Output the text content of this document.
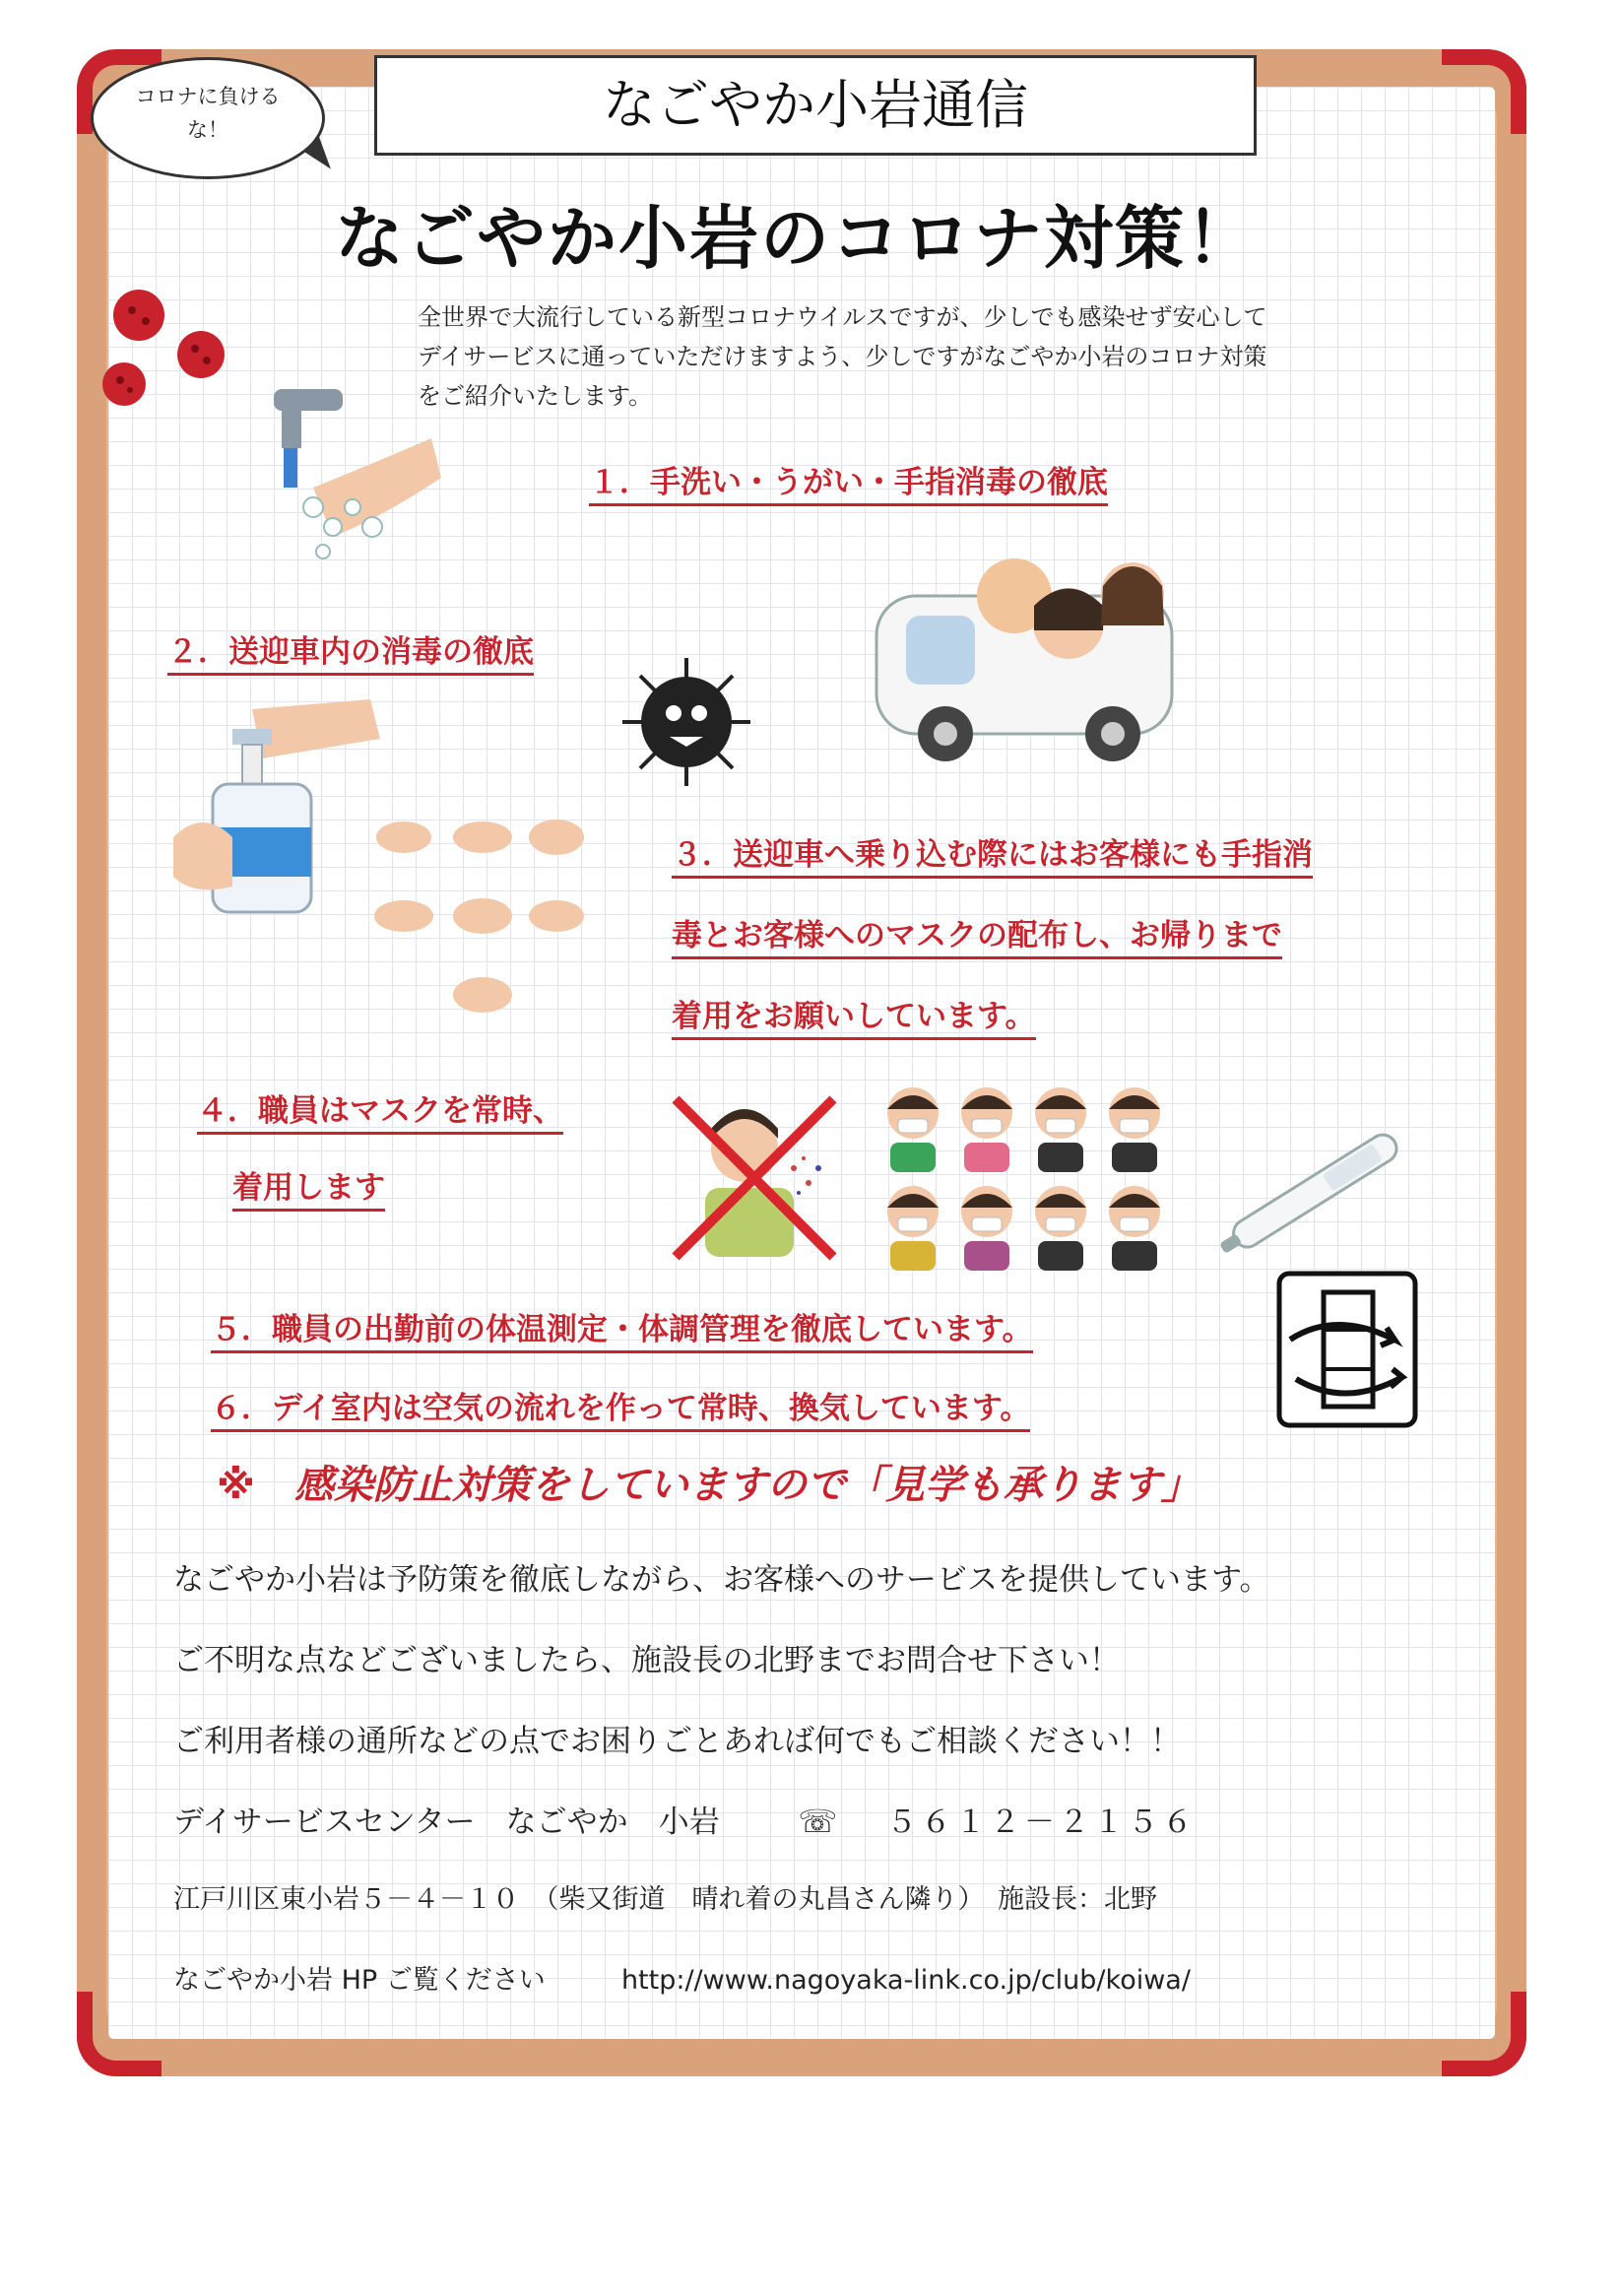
なごやか小岩通信
コロナに負けるな！
なごやか小岩のコロナ対策！
全世界で大流行している新型コロナウイルスですが、少しでも感染せず安心して
デイサービスに通っていただけますよう、少しですがなごやか小岩のコロナ対策
をご紹介いたします。
１．手洗い・うがい・手指消毒の徹底
２．送迎車内の消毒の徹底
３．送迎車へ乗り込む際にはお客様にも手指消
毒とお客様へのマスクの配布し、お帰りまで
着用をお願いしています。
４．職員はマスクを常時、
着用します
５．職員の出勤前の体温測定・体調管理を徹底しています。
６．デイ室内は空気の流れを作って常時、換気しています。
※　感染防止対策をしていますので「見学も承ります」
なごやか小岩は予防策を徹底しながら、お客様へのサービスを提供しています。
ご不明な点などございましたら、施設長の北野までお問合せ下さい！
ご利用者様の通所などの点でお困りごとあれば何でもご相談ください！！
デイサービスセンター　なごやか　小岩 ☏ ５６１２－２１５６
江戸川区東小岩５－４－１０　（柴又街道　晴れ着の丸昌さん隣り）　施設長：北野
なごやか小岩 HP ご覧ください	http://www.nagoyaka-link.co.jp/club/koiwa/
